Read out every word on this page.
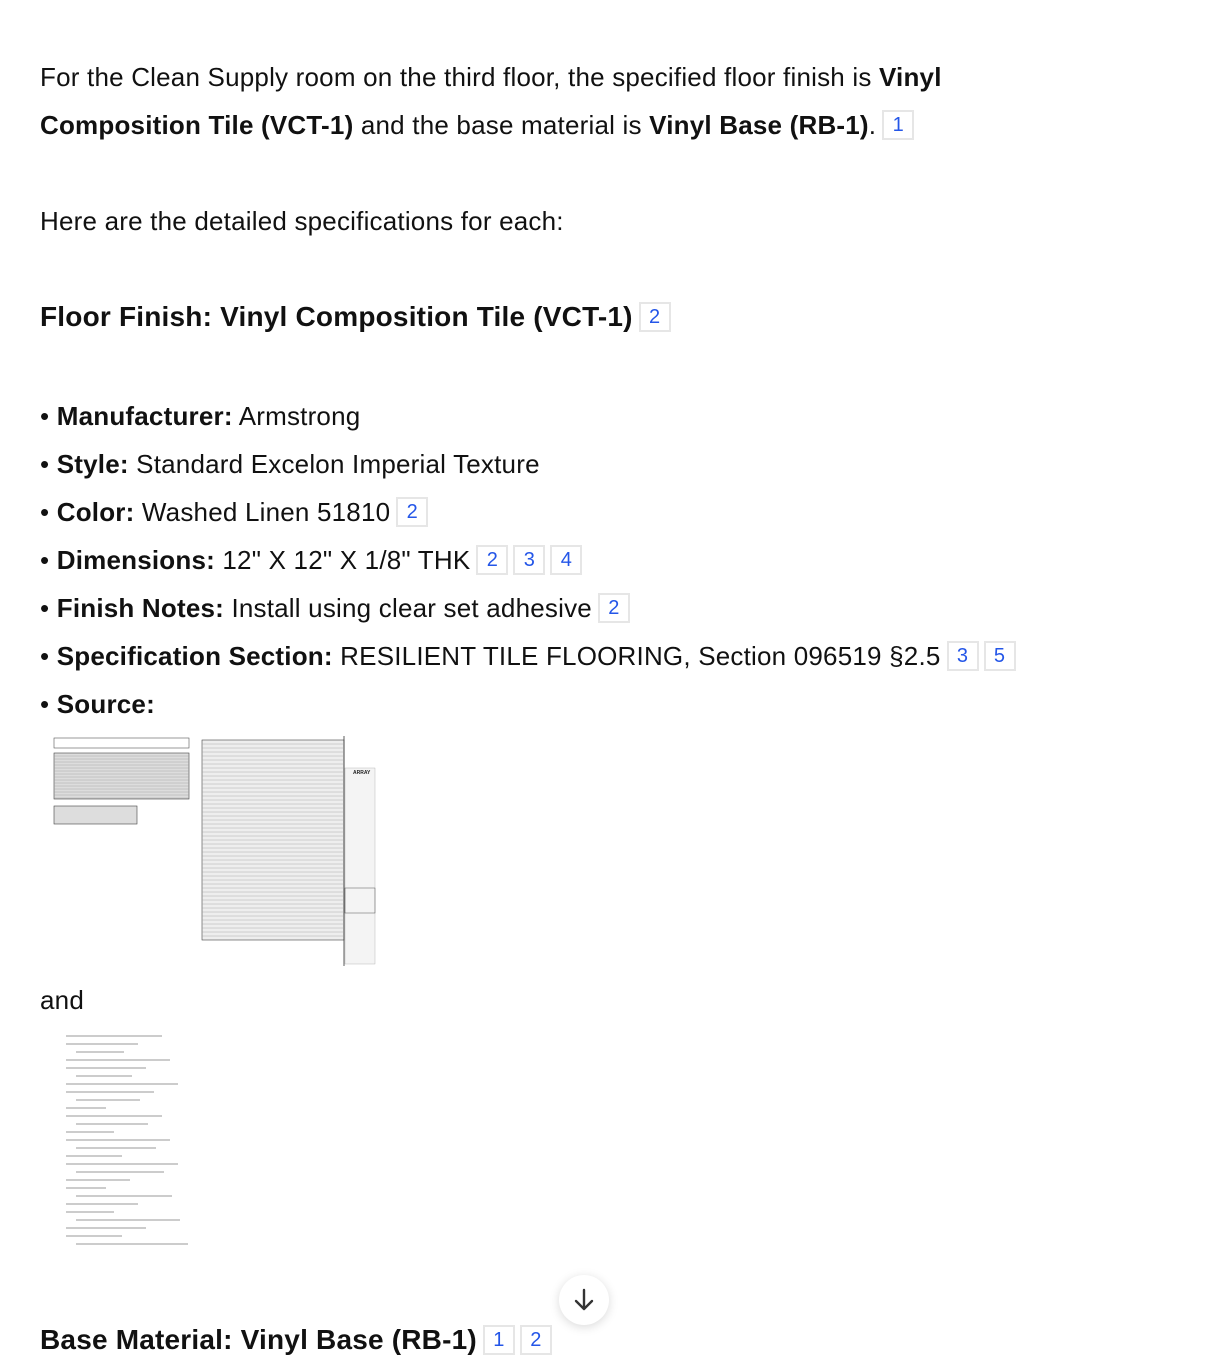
For the Clean Supply room on the third floor, the specified floor finish is Vinyl
Composition Tile (VCT-1) and the base material is Vinyl Base (RB-1). 1
Here are the detailed specifications for each:
Floor Finish: Vinyl Composition Tile (VCT-1) 2
• Manufacturer: Armstrong
• Style: Standard Excelon Imperial Texture
• Color: Washed Linen 51810 2
• Dimensions: 12" X 12" X 1/8" THK 2 3 4
• Finish Notes: Install using clear set adhesive 2
• Specification Section: RESILIENT TILE FLOORING, Section 096519 §2.5 3 5
• Source:
ARRAY
and
Base Material: Vinyl Base (RB-1) 1 2
